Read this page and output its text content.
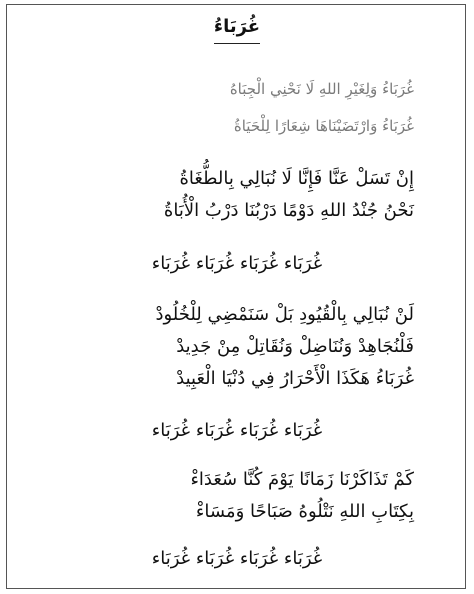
غُرَبَاءُ
غُرَبَاءُ وَلِغَيْرِ اللهِ لَا نَحْنِي الْجِبَاهُ
غُرَبَاءُ وَارْتَضَيْنَاهَا شِعَارًا لِلْحَيَاةُ
إِنْ تَسَلْ عَنَّا فَإِنَّا لَا نُبَالِي بِالطُّغَاةُ
نَحْنُ جُنْدُ اللهِ دَوْمًا دَرْبُنَا دَرْبُ الْأُبَاةُ
غُرَبَاء غُرَبَاء غُرَبَاء غُرَبَاء
لَنْ نُبَالِي بِالْقُيُودِ بَلْ سَنَمْضِي لِلْخُلُودْ
فَلْنُجَاهِدْ وَنُنَاضِلْ وَنُقَاتِلْ مِنْ جَدِيدْ
غُرَبَاءُ هَكَذَا الْأَحْرَارُ فِي دُنْيَا الْعَبِيدْ
غُرَبَاء غُرَبَاء غُرَبَاء غُرَبَاء
كَمْ تَذَاكَرْنَا زَمَانًا يَوْمَ كُنَّا سُعَدَاءْ
بِكِتَابِ اللهِ نَتْلُوهُ صَبَاحًا وَمَسَاءْ
غُرَبَاء غُرَبَاء غُرَبَاء غُرَبَاء
